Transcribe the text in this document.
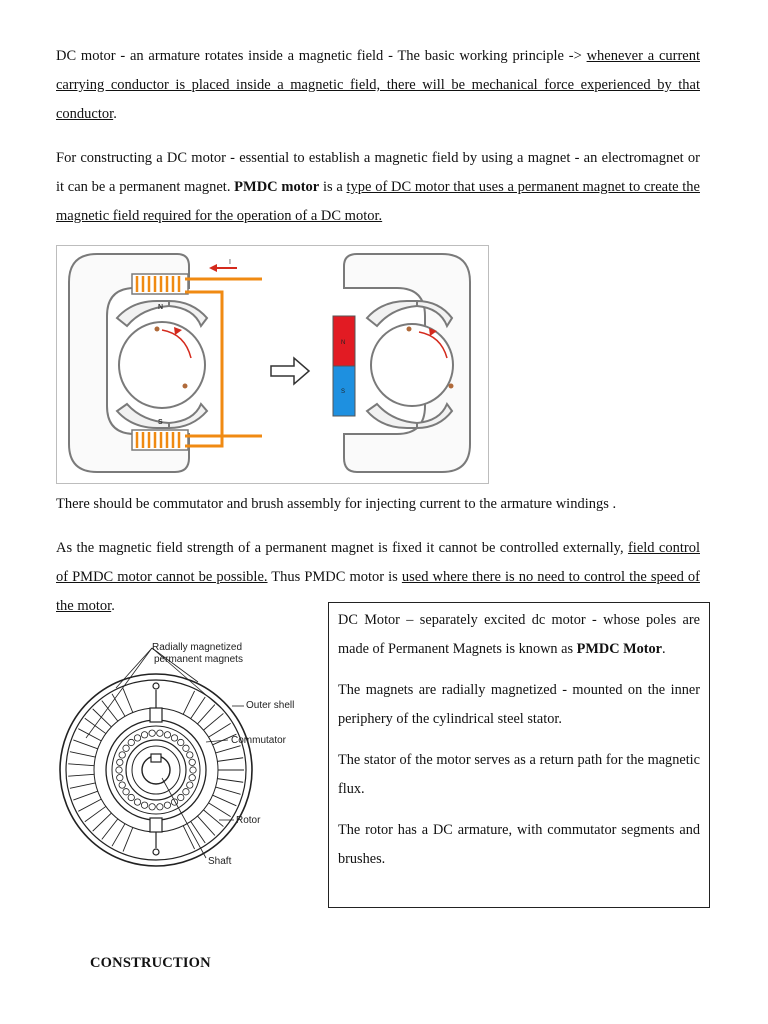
DC motor - an armature rotates inside a magnetic field - The basic working principle -> whenever a current carrying conductor is placed inside a magnetic field, there will be mechanical force experienced by that conductor.

For constructing a DC motor - essential to establish a magnetic field by using a magnet - an electromagnet or it can be a permanent magnet. PMDC motor is a type of DC motor that uses a permanent magnet to create the magnetic field required for the operation of a DC motor.

I
N
S
N
S

There should be commutator and brush assembly for injecting current to the armature windings .

As the magnetic field strength of a permanent magnet is fixed it cannot be controlled externally, field control of PMDC motor cannot be possible. Thus PMDC motor is used where there is no need to control the speed of the motor.

Radially magnetized
permanent magnets
Outer shell
Commutator
Rotor
Shaft

DC Motor – separately excited dc motor - whose poles are made of Permanent Magnets is known as PMDC Motor.

The magnets are radially magnetized - mounted on the inner periphery of the cylindrical steel stator.

The stator of the motor serves as a return path for the magnetic flux.

The rotor has a DC armature, with commutator segments and brushes.

CONSTRUCTION
